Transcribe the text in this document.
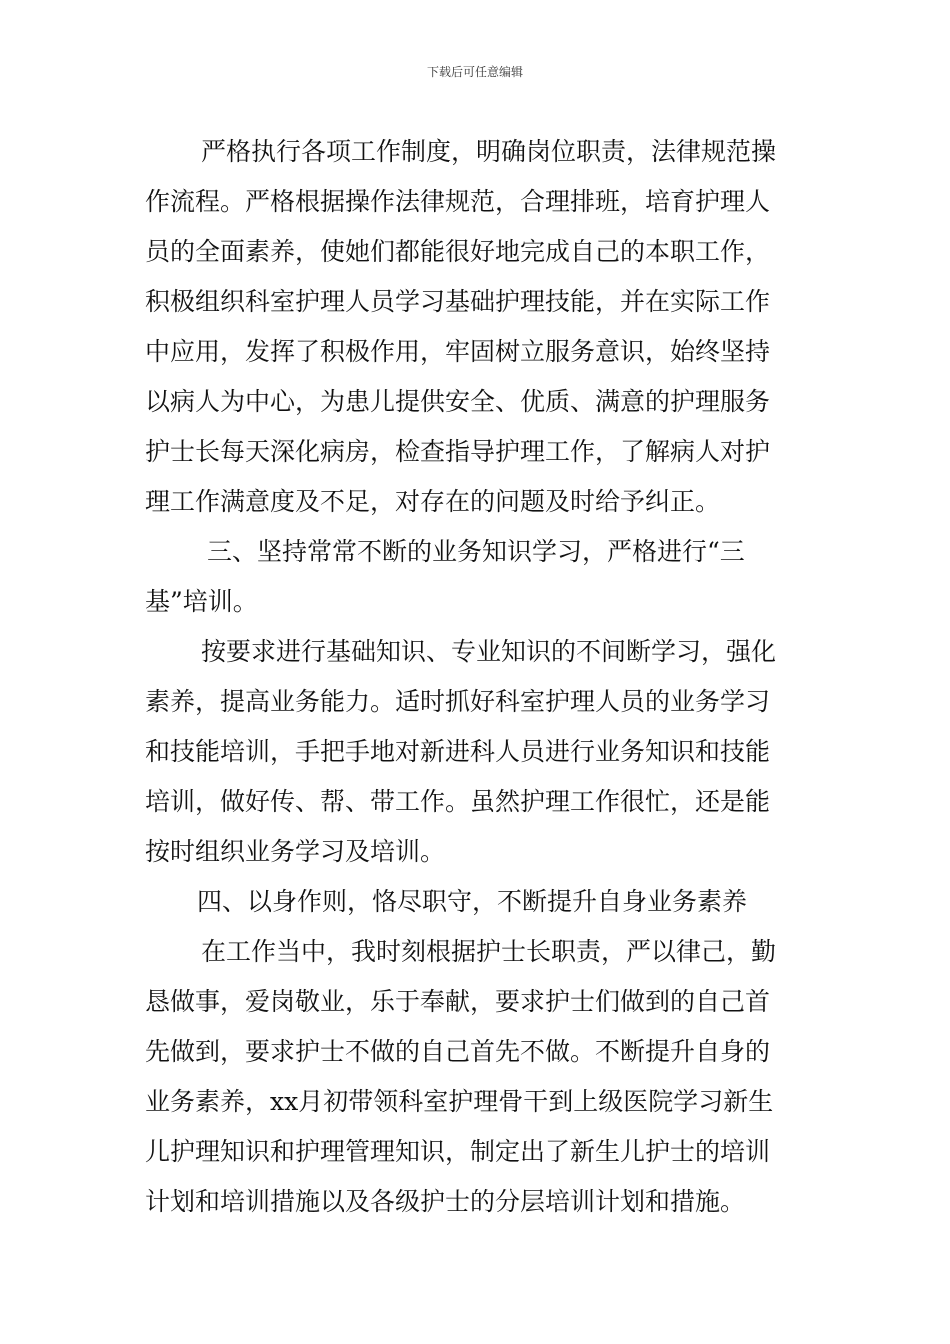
下载后可任意编辑
严格执行各项工作制度，明确岗位职责，法律规范操
作流程。严格根据操作法律规范，合理排班，培育护理人
员的全面素养，使她们都能很好地完成自己的本职工作，
积极组织科室护理人员学习基础护理技能，并在实际工作
中应用，发挥了积极作用，牢固树立服务意识，始终坚持
以病人为中心，为患儿提供安全、优质、满意的护理服务
护士长每天深化病房，检查指导护理工作，了解病人对护
理工作满意度及不足，对存在的问题及时给予纠正。
三、坚持常常不断的业务知识学习，严格进行“三
基”培训。
按要求进行基础知识、专业知识的不间断学习，强化
素养，提高业务能力。适时抓好科室护理人员的业务学习
和技能培训，手把手地对新进科人员进行业务知识和技能
培训，做好传、帮、带工作。虽然护理工作很忙，还是能
按时组织业务学习及培训。
四、以身作则，恪尽职守，不断提升自身业务素养
在工作当中，我时刻根据护士长职责，严以律己，勤
恳做事，爱岗敬业，乐于奉献，要求护士们做到的自己首
先做到，要求护士不做的自己首先不做。不断提升自身的
业务素养，xx月初带领科室护理骨干到上级医院学习新生
儿护理知识和护理管理知识，制定出了新生儿护士的培训
计划和培训措施以及各级护士的分层培训计划和措施。
